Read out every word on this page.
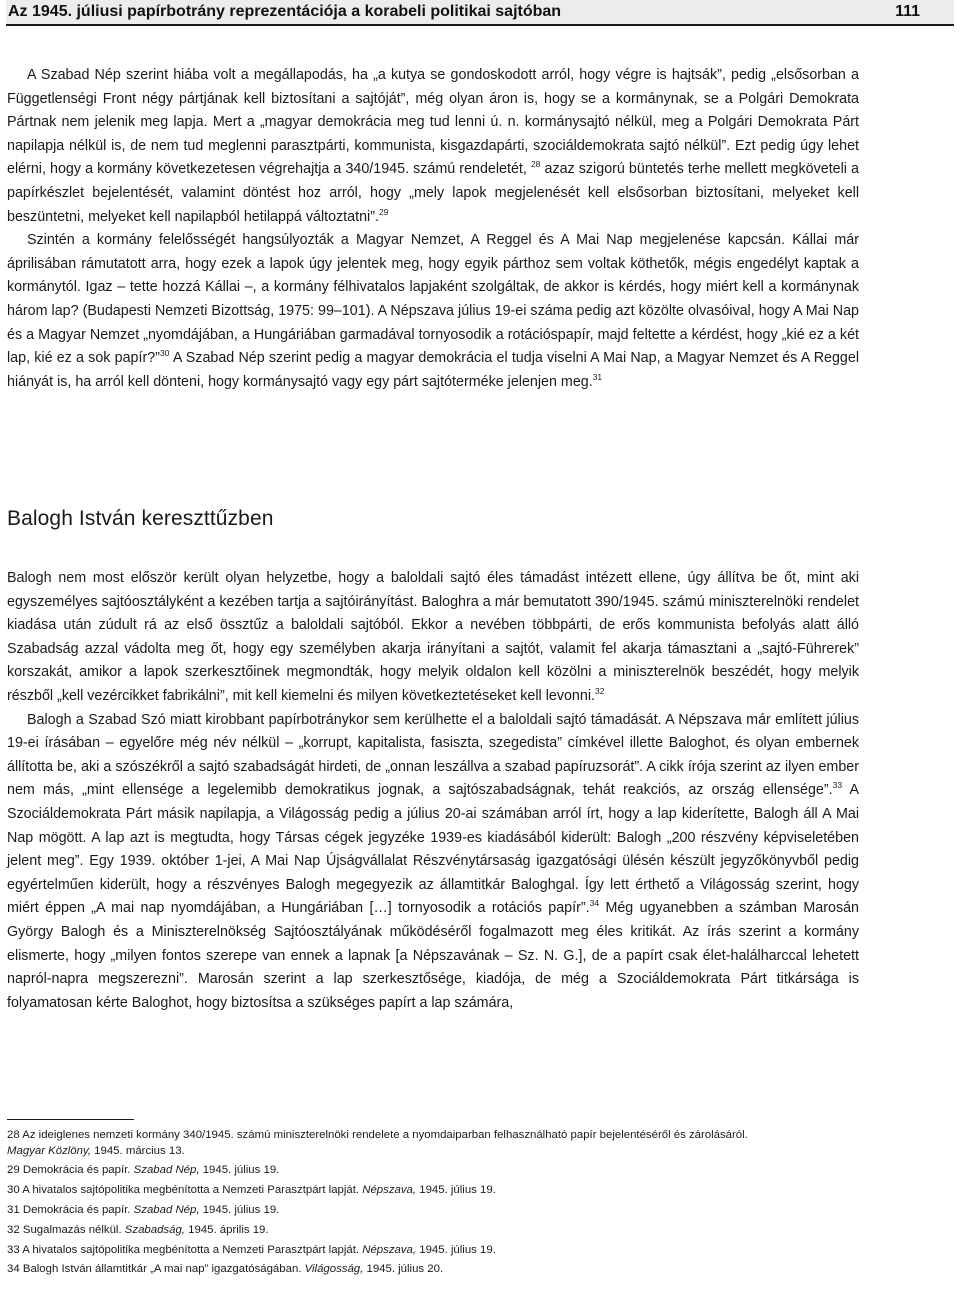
Az 1945. júliusi papírbotrány reprezentációja a korabeli politikai sajtóban	111

A Szabad Nép szerint hiába volt a megállapodás, ha „a kutya se gondoskodott arról, hogy végre is hajtsák”, pedig „elsősorban a Függetlenségi Front négy pártjának kell biztosítani a sajtóját”, még olyan áron is, hogy se a kormánynak, se a Polgári Demokrata Pártnak nem jelenik meg lapja. Mert a „magyar demokrácia meg tud lenni ú. n. kormánysajtó nélkül, meg a Polgári Demokrata Párt napilapja nélkül is, de nem tud meglenni parasztpárti, kommunista, kisgazdapárti, szociáldemokrata sajtó nélkül”. Ezt pedig úgy lehet elérni, hogy a kormány következetesen végrehajtja a 340/1945. számú rendeletét, $^{28}$ azaz szigorú büntetés terhe mellett megköveteli a papírkészlet bejelentését, valamint döntést hoz arról, hogy „mely lapok megjelenését kell elsősorban biztosítani, melyeket kell beszüntetni, melyeket kell napilapból hetilappá változtatni”.$^{29}$

Szintén a kormány felelősségét hangsúlyozták a Magyar Nemzet, A Reggel és A Mai Nap megjelenése kapcsán. Kállai már áprilisában rámutatott arra, hogy ezek a lapok úgy jelentek meg, hogy egyik párthoz sem voltak köthetők, mégis engedélyt kaptak a kormánytól. Igaz – tette hozzá Kállai –, a kormány félhivatalos lapjaként szolgáltak, de akkor is kérdés, hogy miért kell a kormánynak három lap? (Budapesti Nemzeti Bizottság, 1975: 99–101). A Népszava július 19-ei száma pedig azt közölte olvasóival, hogy A Mai Nap és a Magyar Nemzet „nyomdájában, a Hungáriában garmadával tornyosodik a rotációspapír, majd feltette a kérdést, hogy „kié ez a két lap, kié ez a sok papír?”$^{30}$ A Szabad Nép szerint pedig a magyar demokrácia el tudja viselni A Mai Nap, a Magyar Nemzet és A Reggel hiányát is, ha arról kell dönteni, hogy kormánysajtó vagy egy párt sajtóterméke jelenjen meg.$^{31}$

Balogh István kereszttűzben

Balogh nem most először került olyan helyzetbe, hogy a baloldali sajtó éles támadást intézett ellene, úgy állítva be őt, mint aki egyszemélyes sajtóosztályként a kezében tartja a sajtóirányítást. Baloghra a már bemutatott 390/1945. számú miniszterelnöki rendelet kiadása után zúdult rá az első össztűz a baloldali sajtóból. Ekkor a nevében többpárti, de erős kommunista befolyás alatt álló Szabadság azzal vádolta meg őt, hogy egy személyben akarja irányítani a sajtót, valamit fel akarja támasztani a „sajtó-Führerek” korszakát, amikor a lapok szerkesztőinek megmondták, hogy melyik oldalon kell közölni a miniszterelnök beszédét, hogy melyik részből „kell vezércikket fabrikálni”, mit kell kiemelni és milyen következtetéseket kell levonni.$^{32}$

Balogh a Szabad Szó miatt kirobbant papírbotránykor sem kerülhette el a baloldali sajtó támadását. A Népszava már említett július 19-ei írásában – egyelőre még név nélkül – „korrupt, kapitalista, fasiszta, szegedista” címkével illette Baloghot, és olyan embernek állította be, aki a szószékről a sajtó szabadságát hirdeti, de „onnan leszállva a szabad papíruzsorát”. A cikk írója szerint az ilyen ember nem más, „mint ellensége a legelemibb demokratikus jognak, a sajtószabadságnak, tehát reakciós, az ország ellensége”.$^{33}$ A Szociáldemokrata Párt másik napilapja, a Világosság pedig a július 20-ai számában arról írt, hogy a lap kiderítette, Balogh áll A Mai Nap mögött. A lap azt is megtudta, hogy Társas cégek jegyzéke 1939-es kiadásából kiderült: Balogh „200 részvény képviseletében jelent meg”. Egy 1939. október 1-jei, A Mai Nap Újságvállalat Részvénytársaság igazgatósági ülésén készült jegyzőkönyvből pedig egyértelműen kiderült, hogy a részvényes Balogh megegyezik az államtitkár Baloghgal. Így lett érthető a Világosság szerint, hogy miért éppen „A mai nap nyomdájában, a Hungáriában […] tornyosodik a rotációs papír”.$^{34}$ Még ugyanebben a számban Marosán György Balogh és a Miniszterelnökség Sajtóosztályának működéséről fogalmazott meg éles kritikát. Az írás szerint a kormány elismerte, hogy „milyen fontos szerepe van ennek a lapnak [a Népszavának – Sz. N. G.], de a papírt csak élet-halálharccal lehetett napról-napra megszerezni”. Marosán szerint a lap szerkesztősége, kiadója, de még a Szociáldemokrata Párt titkársága is folyamatosan kérte Baloghot, hogy biztosítsa a szükséges papírt a lap számára,

28 Az ideiglenes nemzeti kormány 340/1945. számú miniszterelnöki rendelete a nyomdaiparban felhasználható papír bejelentéséről és zárolásáról.
Magyar Közlöny, 1945. március 13.

29 Demokrácia és papír. Szabad Nép, 1945. július 19.

30 A hivatalos sajtópolitika megbénította a Nemzeti Parasztpárt lapját. Népszava, 1945. július 19.

31 Demokrácia és papír. Szabad Nép, 1945. július 19.

32 Sugalmazás nélkül. Szabadság, 1945. április 19.

33 A hivatalos sajtópolitika megbénította a Nemzeti Parasztpárt lapját. Népszava, 1945. július 19.

34 Balogh István államtitkár „A mai nap” igazgatóságában. Világosság, 1945. július 20.
